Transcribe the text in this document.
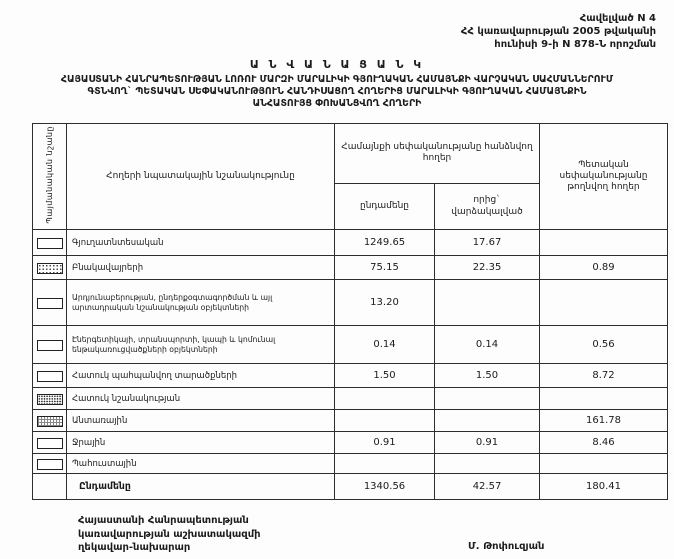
Հավելված N 4
ՀՀ կառավարության 2005 թվականի
հունիսի 9-ի N 878-Ն որոշման
Ա Ն Վ Ա Ն Ա Ց Ա Ն Կ
ՀԱՅԱՍՏԱՆԻ ՀԱՆՐԱՊԵՏՈՒԹՅԱՆ ԼՈՌՈՒ ՄԱՐԶԻ ՄԱՐԱԼԻԿԻ ԳՅՈՒՂԱԿԱՆ ՀԱՄԱՅՆՔԻ ՎԱՐՉԱԿԱՆ ՍԱՀՄԱՆՆԵՐՈՒՄ
ԳՏՆՎՈՂ` ՊԵՏԱԿԱՆ ՍԵՓԱԿԱՆՈՒԹՅՈՒՆ ՀԱՆԴԻՍԱՑՈՂ ՀՈՂԵՐԻՑ ՄԱՐԱԼԻԿԻ ԳՅՈՒՂԱԿԱՆ ՀԱՄԱՅՆՔԻՆ
ԱՆՀԱՏՈՒՅՑ ՓՈԽԱՆՑՎՈՂ ՀՈՂԵՐԻ
Պայմանական նշանը	Հողերի նպատակային նշանակությունը	Համայնքի սեփականությանը հանձնվող հողեր		Պետական սեփականությանը թողնվող հողեր
		ընդամենը	որից` վարձակալված	
	Գյուղատնտեսական	1249.65	17.67	
	Բնակավայրերի	75.15	22.35	0.89
	Արդյունաբերության, ընդերքօգտագործման և այլ արտադրական նշանակության օբյեկտների	13.20		
	Էներգետիկայի, տրանսպորտի, կապի և կոմունալ ենթակառուցվածքների օբյեկտների	0.14	0.14	0.56
	Հատուկ պահպանվող տարածքների	1.50	1.50	8.72
	Հատուկ նշանակության			
	Անտառային			161.78
	Ջրային	0.91	0.91	8.46
	Պահուստային			
	Ընդամենը	1340.56	42.57	180.41
Հայաստանի Հանրապետության
կառավարության աշխատակազմի
ղեկավար-նախարար	Մ. Թոփուզյան
